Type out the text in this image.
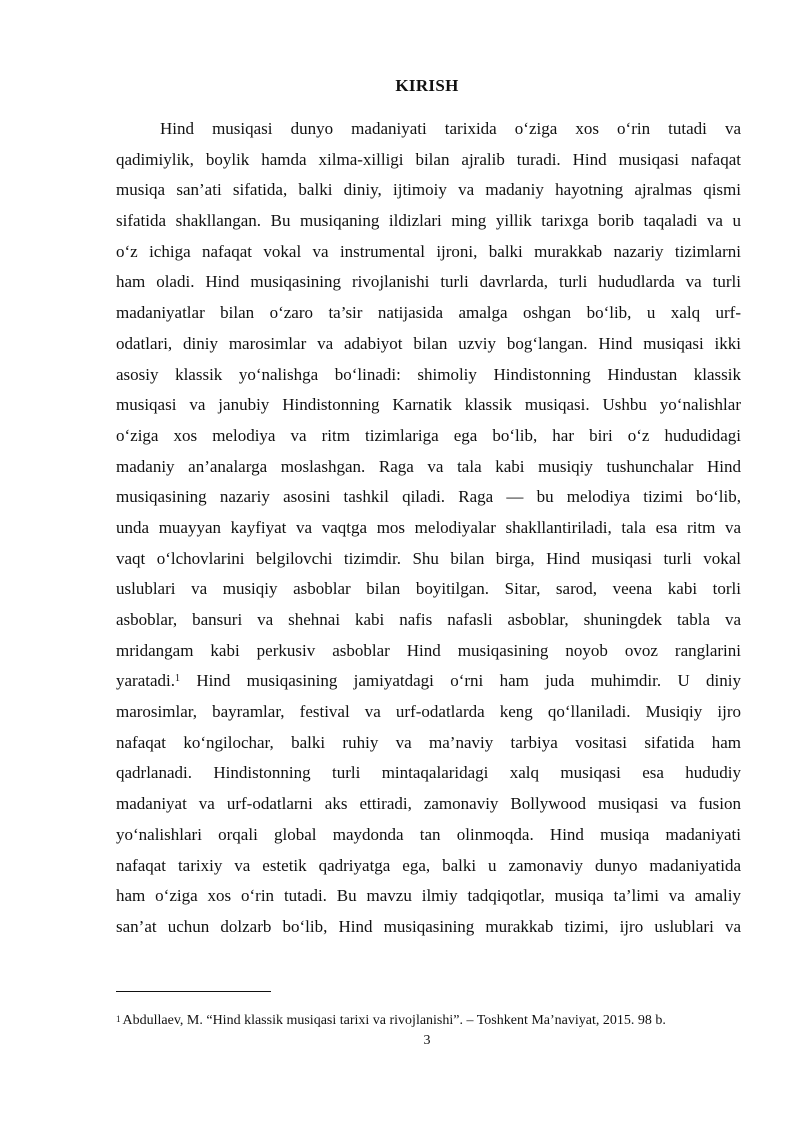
KIRISH
Hind musiqasi dunyo madaniyati tarixida o‘ziga xos o‘rin tutadi va
qadimiylik, boylik hamda xilma-xilligi bilan ajralib turadi. Hind musiqasi nafaqat
musiqa san’ati sifatida, balki diniy, ijtimoiy va madaniy hayotning ajralmas qismi
sifatida shakllangan. Bu musiqaning ildizlari ming yillik tarixga borib taqaladi va u
o‘z ichiga nafaqat vokal va instrumental ijroni, balki murakkab nazariy tizimlarni
ham oladi. Hind musiqasining rivojlanishi turli davrlarda, turli hududlarda va turli
madaniyatlar bilan o‘zaro ta’sir natijasida amalga oshgan bo‘lib, u xalq urf-
odatlari, diniy marosimlar va adabiyot bilan uzviy bog‘langan. Hind musiqasi ikki
asosiy klassik yo‘nalishga bo‘linadi: shimoliy Hindistonning Hindustan klassik
musiqasi va janubiy Hindistonning Karnatik klassik musiqasi. Ushbu yo‘nalishlar
o‘ziga xos melodiya va ritm tizimlariga ega bo‘lib, har biri o‘z hududidagi
madaniy an’analarga moslashgan. Raga va tala kabi musiqiy tushunchalar Hind
musiqasining nazariy asosini tashkil qiladi. Raga — bu melodiya tizimi bo‘lib,
unda muayyan kayfiyat va vaqtga mos melodiyalar shakllantiriladi, tala esa ritm va
vaqt o‘lchovlarini belgilovchi tizimdir. Shu bilan birga, Hind musiqasi turli vokal
uslublari va musiqiy asboblar bilan boyitilgan. Sitar, sarod, veena kabi torli
asboblar, bansuri va shehnai kabi nafis nafasli asboblar, shuningdek tabla va
mridangam kabi perkusiv asboblar Hind musiqasining noyob ovoz ranglarini
yaratadi.$^1$ Hind musiqasining jamiyatdagi o‘rni ham juda muhimdir. U diniy
marosimlar, bayramlar, festival va urf-odatlarda keng qo‘llaniladi. Musiqiy ijro
nafaqat ko‘ngilochar, balki ruhiy va ma’naviy tarbiya vositasi sifatida ham
qadrlanadi. Hindistonning turli mintaqalaridagi xalq musiqasi esa hududiy
madaniyat va urf-odatlarni aks ettiradi, zamonaviy Bollywood musiqasi va fusion
yo‘nalishlari orqali global maydonda tan olinmoqda. Hind musiqa madaniyati
nafaqat tarixiy va estetik qadriyatga ega, balki u zamonaviy dunyo madaniyatida
ham o‘ziga xos o‘rin tutadi. Bu mavzu ilmiy tadqiqotlar, musiqa ta’limi va amaliy
san’at uchun dolzarb bo‘lib, Hind musiqasining murakkab tizimi, ijro uslublari va
$^1$ Abdullaev, M. “Hind klassik musiqasi tarixi va rivojlanishi”. – Toshkent Ma’naviyat, 2015. 98 b.
3
